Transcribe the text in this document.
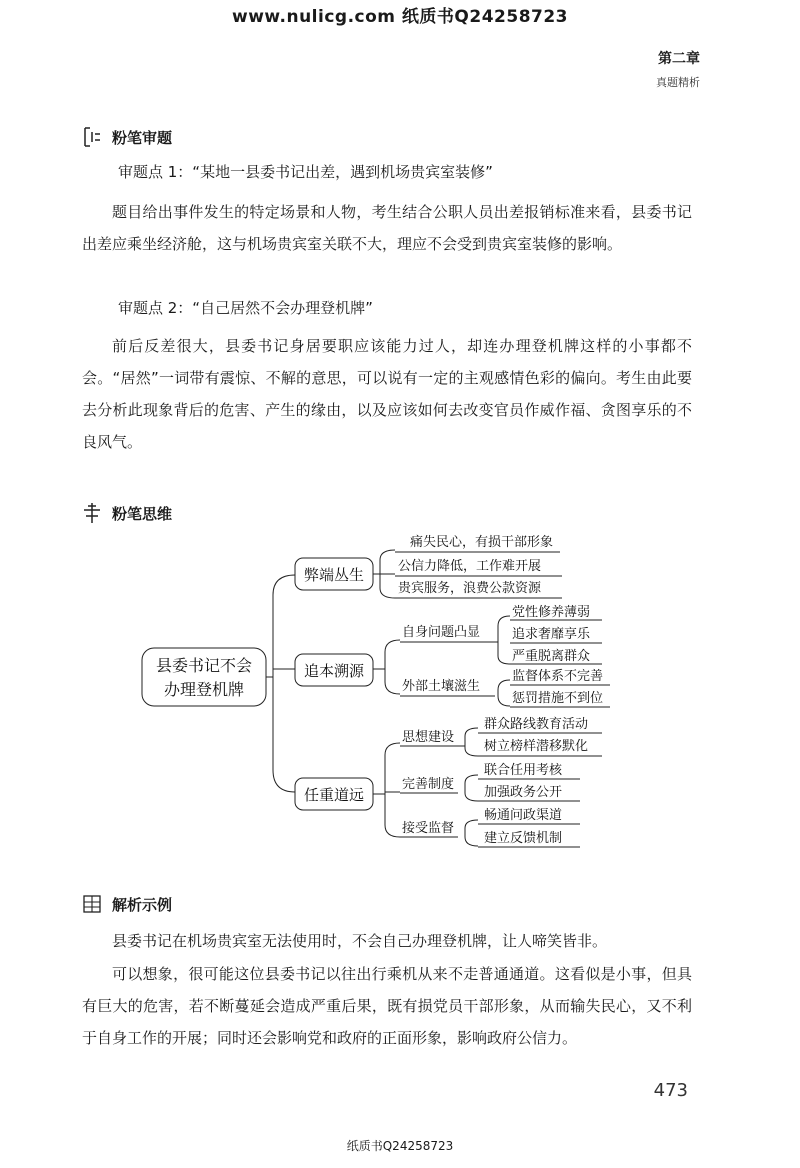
www.nulicg.com 纸质书Q24258723
第二章
真题精析
粉笔审题
审题点 1：“某地一县委书记出差，遇到机场贵宾室装修”
题目给出事件发生的特定场景和人物，考生结合公职人员出差报销标准来看，县委书记出差应乘坐经济舱，这与机场贵宾室关联不大，理应不会受到贵宾室装修的影响。
审题点 2：“自己居然不会办理登机牌”
前后反差很大，县委书记身居要职应该能力过人，却连办理登机牌这样的小事都不会。“居然”一词带有震惊、不解的意思，可以说有一定的主观感情色彩的偏向。考生由此要去分析此现象背后的危害、产生的缘由，以及应该如何去改变官员作威作福、贪图享乐的不良风气。
粉笔思维
县委书记不会
办理登机牌
弊端丛生
痛失民心，有损干部形象
公信力降低，工作难开展
贵宾服务，浪费公款资源
追本溯源
自身问题凸显
外部土壤滋生
党性修养薄弱
追求奢靡享乐
严重脱离群众
监督体系不完善
惩罚措施不到位
任重道远
思想建设
完善制度
接受监督
群众路线教育活动
树立榜样潜移默化
联合任用考核
加强政务公开
畅通问政渠道
建立反馈机制
解析示例
县委书记在机场贵宾室无法使用时，不会自己办理登机牌，让人啼笑皆非。
可以想象，很可能这位县委书记以往出行乘机从来不走普通通道。这看似是小事，但具有巨大的危害，若不断蔓延会造成严重后果，既有损党员干部形象，从而输失民心，又不利于自身工作的开展；同时还会影响党和政府的正面形象，影响政府公信力。
473
纸质书Q24258723
